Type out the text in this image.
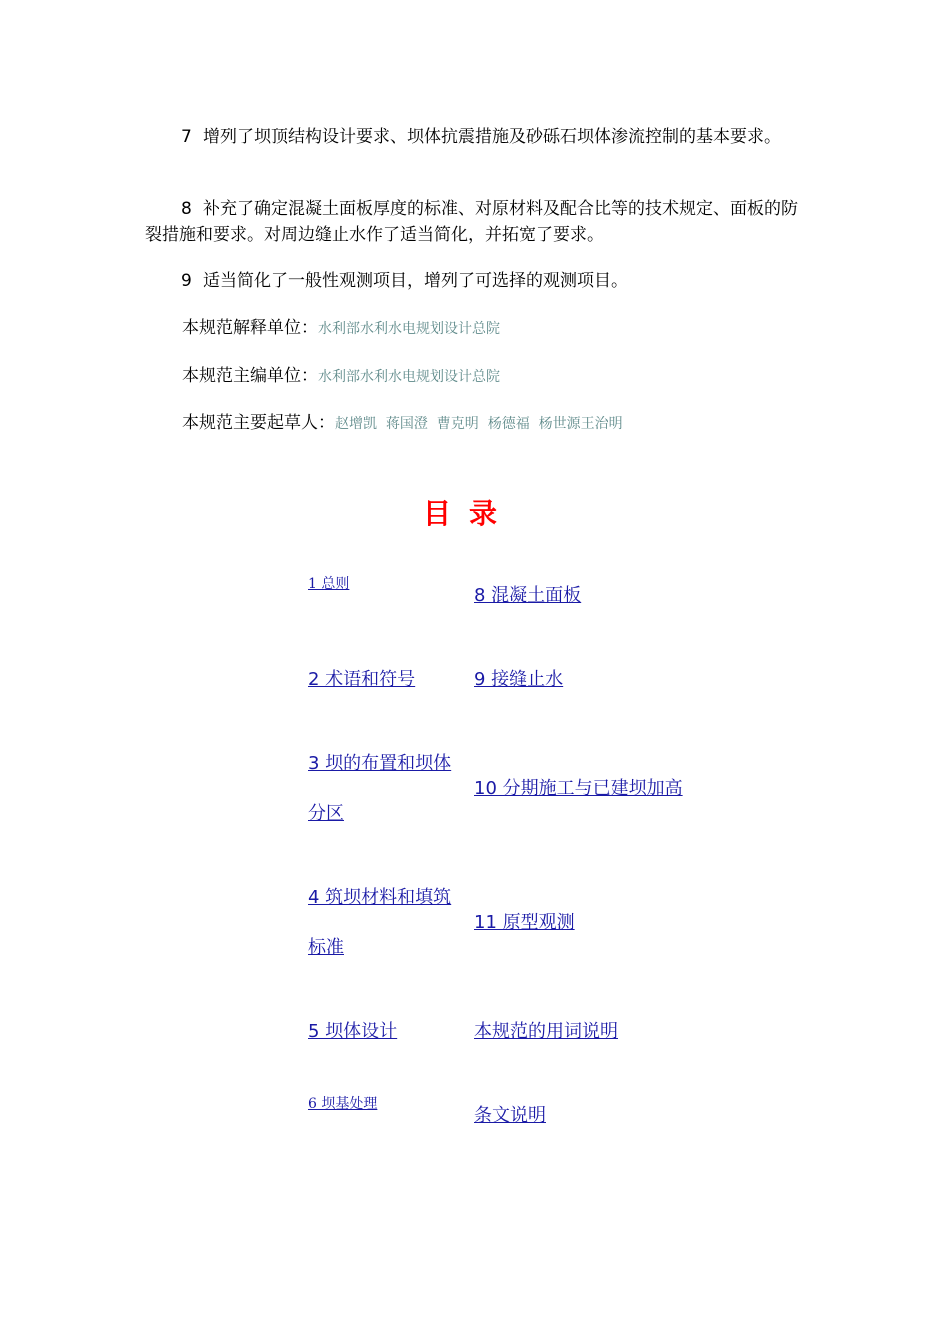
7 增列了坝顶结构设计要求、坝体抗震措施及砂砾石坝体渗流控制的基本要求。
8 补充了确定混凝土面板厚度的标准、对原材料及配合比等的技术规定、面板的防裂措施和要求。对周边缝止水作了适当简化，并拓宽了要求。
9 适当简化了一般性观测项目，增列了可选择的观测项目。
本规范解释单位：水利部水利水电规划设计总院
本规范主编单位：水利部水利水电规划设计总院
本规范主要起草人：赵增凯  蒋国澄  曹克明  杨德福  杨世源王治明
目录
1 总则
2 术语和符号
3 坝的布置和坝体
分区
4 筑坝材料和填筑
标准
5 坝体设计
6 坝基处理
8 混凝土面板
9 接缝止水
10 分期施工与已建坝加高
11 原型观测
本规范的用词说明
条文说明
